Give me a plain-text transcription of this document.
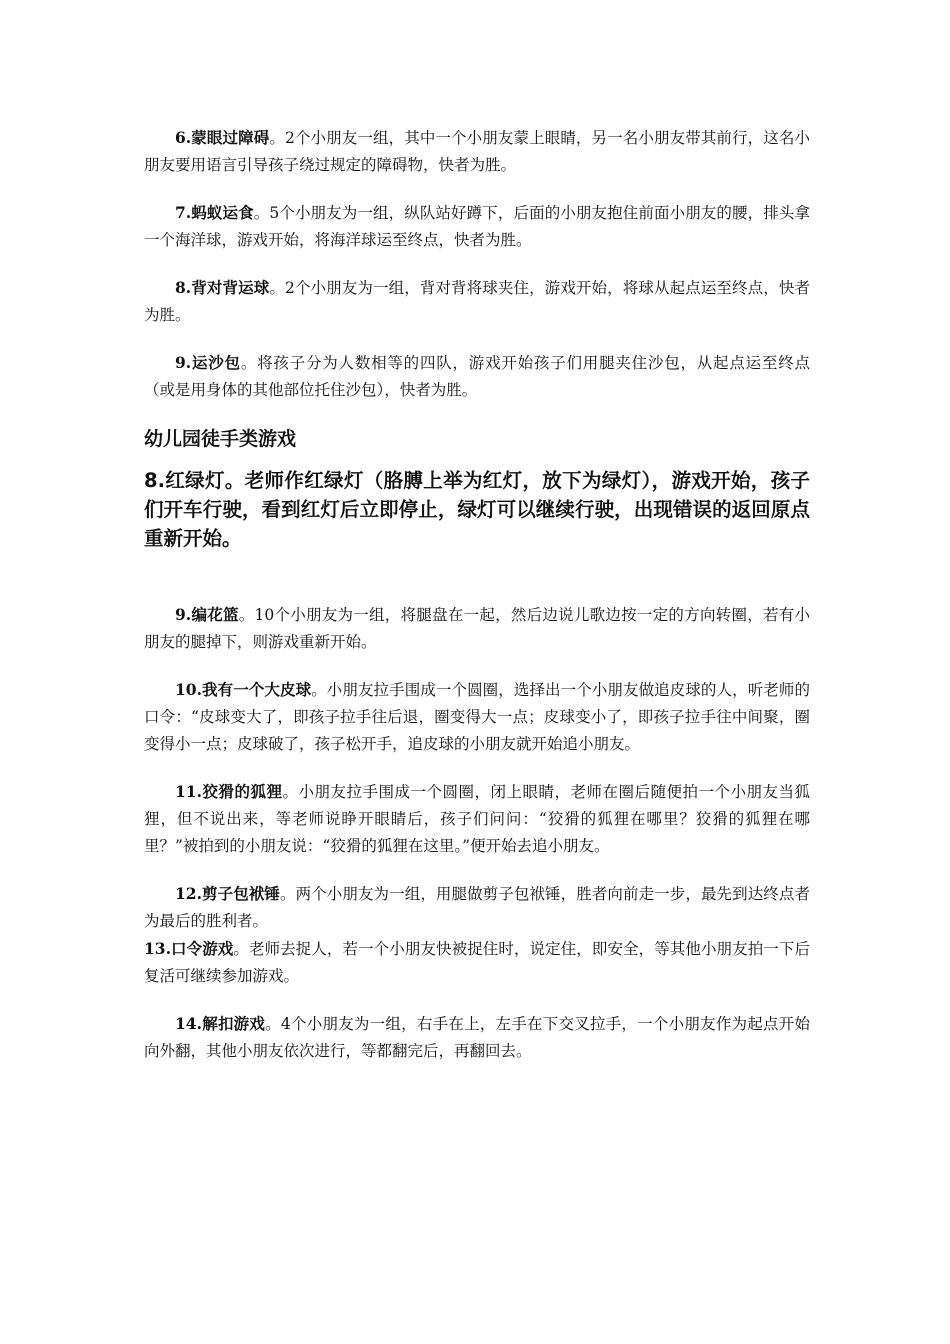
6.蒙眼过障碍。2个小朋友一组，其中一个小朋友蒙上眼睛，另一名小朋友带其前行，这名小朋友要用语言引导孩子绕过规定的障碍物，快者为胜。

7.蚂蚁运食。5个小朋友为一组，纵队站好蹲下，后面的小朋友抱住前面小朋友的腰，排头拿一个海洋球，游戏开始，将海洋球运至终点，快者为胜。

8.背对背运球。2个小朋友为一组，背对背将球夹住，游戏开始，将球从起点运至终点，快者为胜。

9.运沙包。将孩子分为人数相等的四队，游戏开始孩子们用腿夹住沙包，从起点运至终点（或是用身体的其他部位托住沙包），快者为胜。

幼儿园徒手类游戏

8.红绿灯。老师作红绿灯（胳膊上举为红灯，放下为绿灯），游戏开始，孩子们开车行驶，看到红灯后立即停止，绿灯可以继续行驶，出现错误的返回原点重新开始。

9.编花篮。10个小朋友为一组，将腿盘在一起，然后边说儿歌边按一定的方向转圈，若有小朋友的腿掉下，则游戏重新开始。

10.我有一个大皮球。小朋友拉手围成一个圆圈，选择出一个小朋友做追皮球的人，听老师的口令：“皮球变大了，即孩子拉手往后退，圈变得大一点；皮球变小了，即孩子拉手往中间聚，圈变得小一点；皮球破了，孩子松开手，追皮球的小朋友就开始追小朋友。

11.狡猾的狐狸。小朋友拉手围成一个圆圈，闭上眼睛，老师在圈后随便拍一个小朋友当狐狸，但不说出来，等老师说睁开眼睛后，孩子们问问：“狡猾的狐狸在哪里？狡猾的狐狸在哪里？”被拍到的小朋友说：“狡猾的狐狸在这里。”便开始去追小朋友。

12.剪子包袱锤。两个小朋友为一组，用腿做剪子包袱锤，胜者向前走一步，最先到达终点者为最后的胜利者。

13.口令游戏。老师去捉人，若一个小朋友快被捉住时，说定住，即安全，等其他小朋友拍一下后复活可继续参加游戏。

14.解扣游戏。4个小朋友为一组，右手在上，左手在下交叉拉手，一个小朋友作为起点开始向外翻，其他小朋友依次进行，等都翻完后，再翻回去。
